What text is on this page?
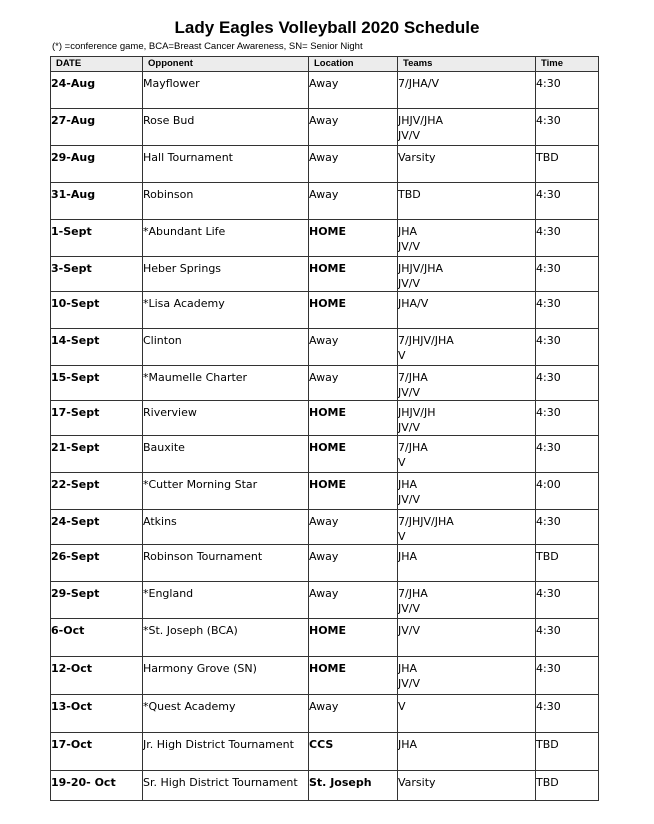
Lady Eagles Volleyball 2020 Schedule
(*) =conference game, BCA=Breast Cancer Awareness, SN= Senior Night
DATE	Opponent	Location	Teams	Time
24-Aug	Mayflower	Away	7/JHA/V	4:30
27-Aug	Rose Bud	Away	JHJV/JHA
JV/V	4:30
29-Aug	Hall Tournament	Away	Varsity	TBD
31-Aug	Robinson	Away	TBD	4:30
1-Sept	*Abundant Life	HOME	JHA
JV/V	4:30
3-Sept	Heber Springs	HOME	JHJV/JHA
JV/V	4:30
10-Sept	*Lisa Academy	HOME	JHA/V	4:30
14-Sept	Clinton	Away	7/JHJV/JHA
V	4:30
15-Sept	*Maumelle Charter	Away	7/JHA
JV/V	4:30
17-Sept	Riverview	HOME	JHJV/JH
JV/V	4:30
21-Sept	Bauxite	HOME	7/JHA
V	4:30
22-Sept	*Cutter Morning Star	HOME	JHA
JV/V	4:00
24-Sept	Atkins	Away	7/JHJV/JHA
V	4:30
26-Sept	Robinson Tournament	Away	JHA	TBD
29-Sept	*England	Away	7/JHA
JV/V	4:30
6-Oct	*St. Joseph (BCA)	HOME	JV/V	4:30
12-Oct	Harmony Grove (SN)	HOME	JHA
JV/V	4:30
13-Oct	*Quest Academy	Away	V	4:30
17-Oct	Jr. High District Tournament	CCS	JHA	TBD
19-20- Oct	Sr. High District Tournament	St. Joseph	Varsity	TBD
